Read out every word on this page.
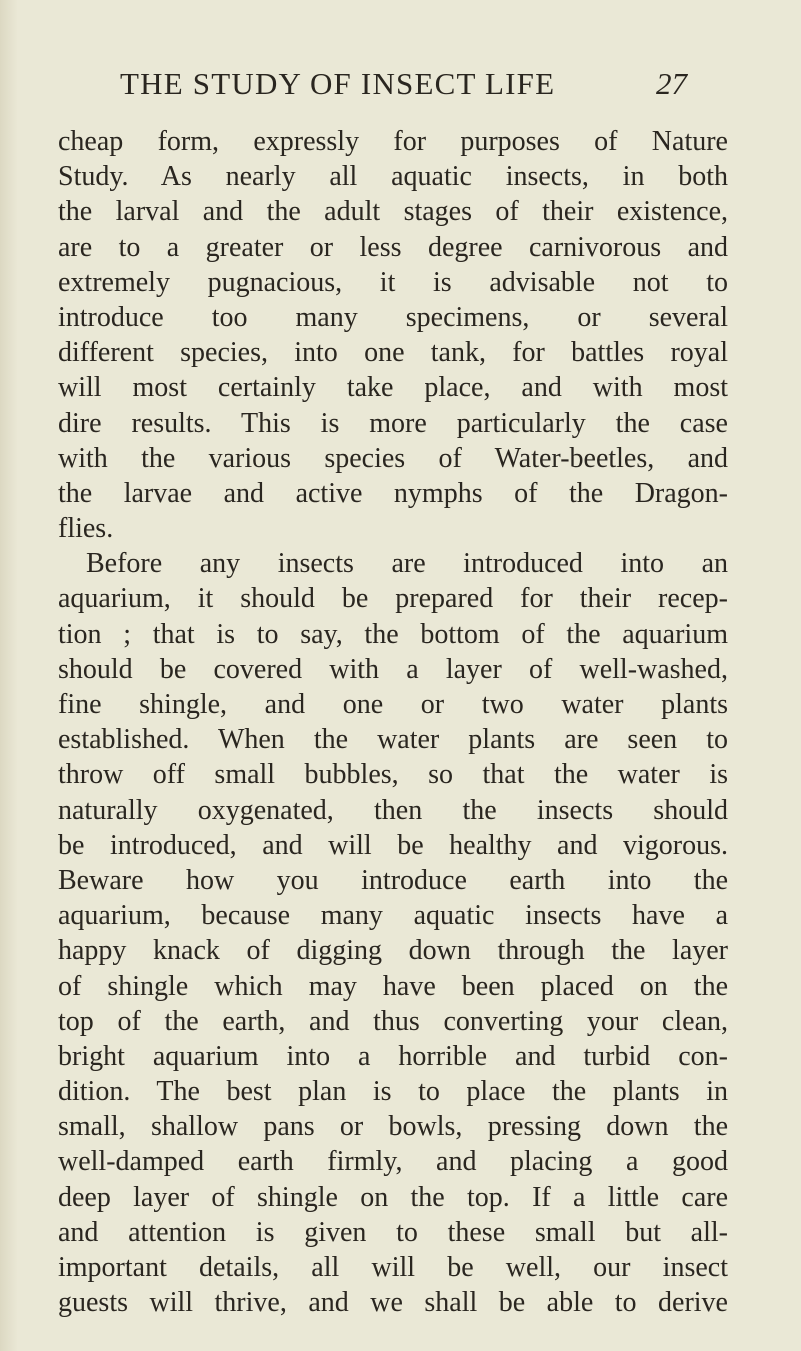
THE STUDY OF INSECT LIFE	27
cheap form, expressly for purposes of Nature
Study. As nearly all aquatic insects, in both
the larval and the adult stages of their existence,
are to a greater or less degree carnivorous and
extremely pugnacious, it is advisable not to
introduce too many specimens, or several
different species, into one tank, for battles royal
will most certainly take place, and with most
dire results. This is more particularly the case
with the various species of Water-beetles, and
the larvae and active nymphs of the Dragon-
flies.
Before any insects are introduced into an
aquarium, it should be prepared for their recep-
tion ; that is to say, the bottom of the aquarium
should be covered with a layer of well-washed,
fine shingle, and one or two water plants
established. When the water plants are seen to
throw off small bubbles, so that the water is
naturally oxygenated, then the insects should
be introduced, and will be healthy and vigorous.
Beware how you introduce earth into the
aquarium, because many aquatic insects have a
happy knack of digging down through the layer
of shingle which may have been placed on the
top of the earth, and thus converting your clean,
bright aquarium into a horrible and turbid con-
dition. The best plan is to place the plants in
small, shallow pans or bowls, pressing down the
well-damped earth firmly, and placing a good
deep layer of shingle on the top. If a little care
and attention is given to these small but all-
important details, all will be well, our insect
guests will thrive, and we shall be able to derive
